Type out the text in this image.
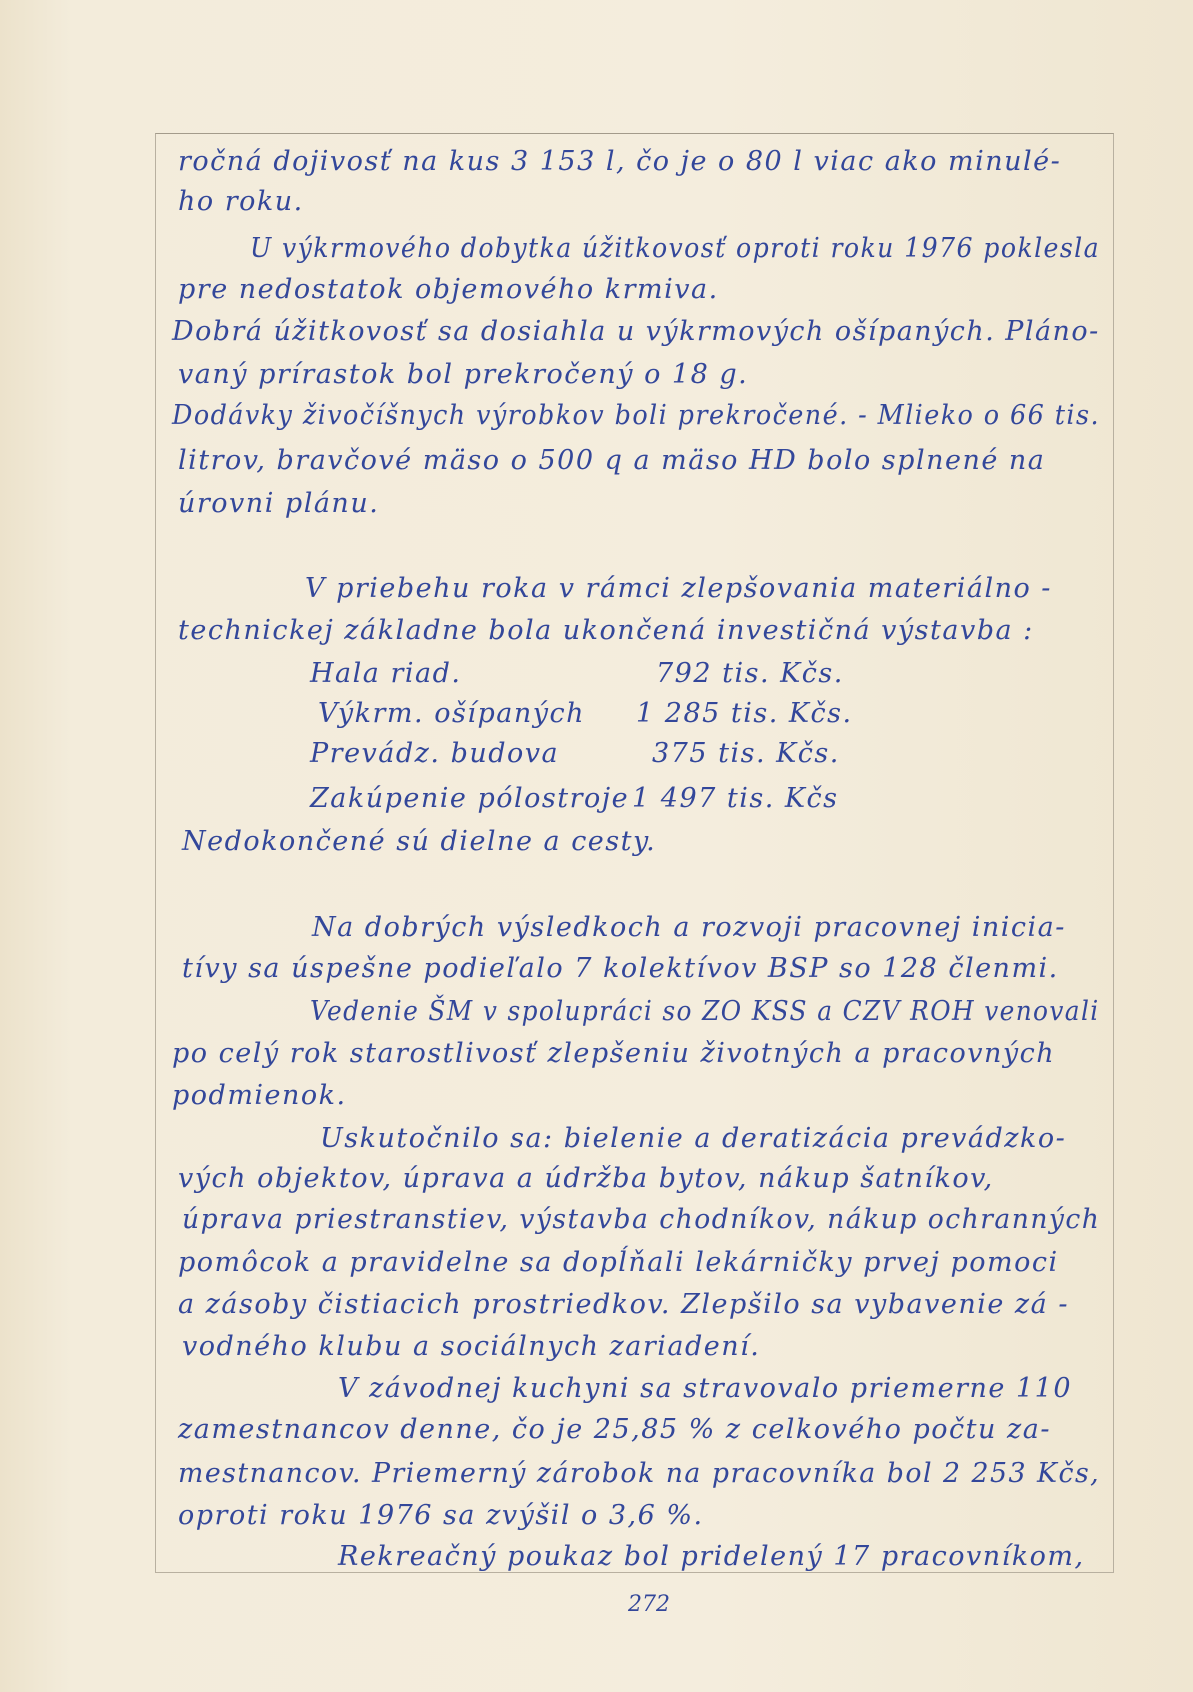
ročná dojivosť na kus 3 153 l, čo je o 80 l viac ako minulé-
ho roku.
U výkrmového dobytka úžitkovosť oproti roku 1976 poklesla
pre nedostatok objemového krmiva.
Dobrá úžitkovosť sa dosiahla u výkrmových ošípaných. Pláno-
vaný prírastok bol prekročený o 18 g.
Dodávky živočíšnych výrobkov boli prekročené. - Mlieko o 66 tis.
litrov, bravčové mäso o 500 q a mäso HD bolo splnené na
úrovni plánu.
V priebehu roka v rámci zlepšovania materiálno -
technickej základne bola ukončená investičná výstavba :
Hala riad.	792 tis. Kčs.
Výkrm. ošípaných 1 285 tis. Kčs.
Prevádz. budova	375 tis. Kčs.
Zakúpenie pólostroje 1 497 tis. Kčs
Nedokončené sú dielne a cesty.
Na dobrých výsledkoch a rozvoji pracovnej inicia-
tívy sa úspešne podieľalo 7 kolektívov BSP so 128 členmi.
Vedenie ŠM v spolupráci so ZO KSS a CZV ROH venovali
po celý rok starostlivosť zlepšeniu životných a pracovných
podmienok.
Uskutočnilo sa: bielenie a deratizácia prevádzko-
vých objektov, úprava a údržba bytov, nákup šatníkov,
úprava priestranstiev, výstavba chodníkov, nákup ochranných
pomôcok a pravidelne sa dopĺňali lekárničky prvej pomoci
a zásoby čistiacich prostriedkov. Zlepšilo sa vybavenie zá -
vodného klubu a sociálnych zariadení.
V závodnej kuchyni sa stravovalo priemerne 110
zamestnancov denne, čo je 25,85 % z celkového počtu za-
mestnancov. Priemerný zárobok na pracovníka bol 2 253 Kčs,
oproti roku 1976 sa zvýšil o 3,6 %.
Rekreačný poukaz bol pridelený 17 pracovníkom,
272
